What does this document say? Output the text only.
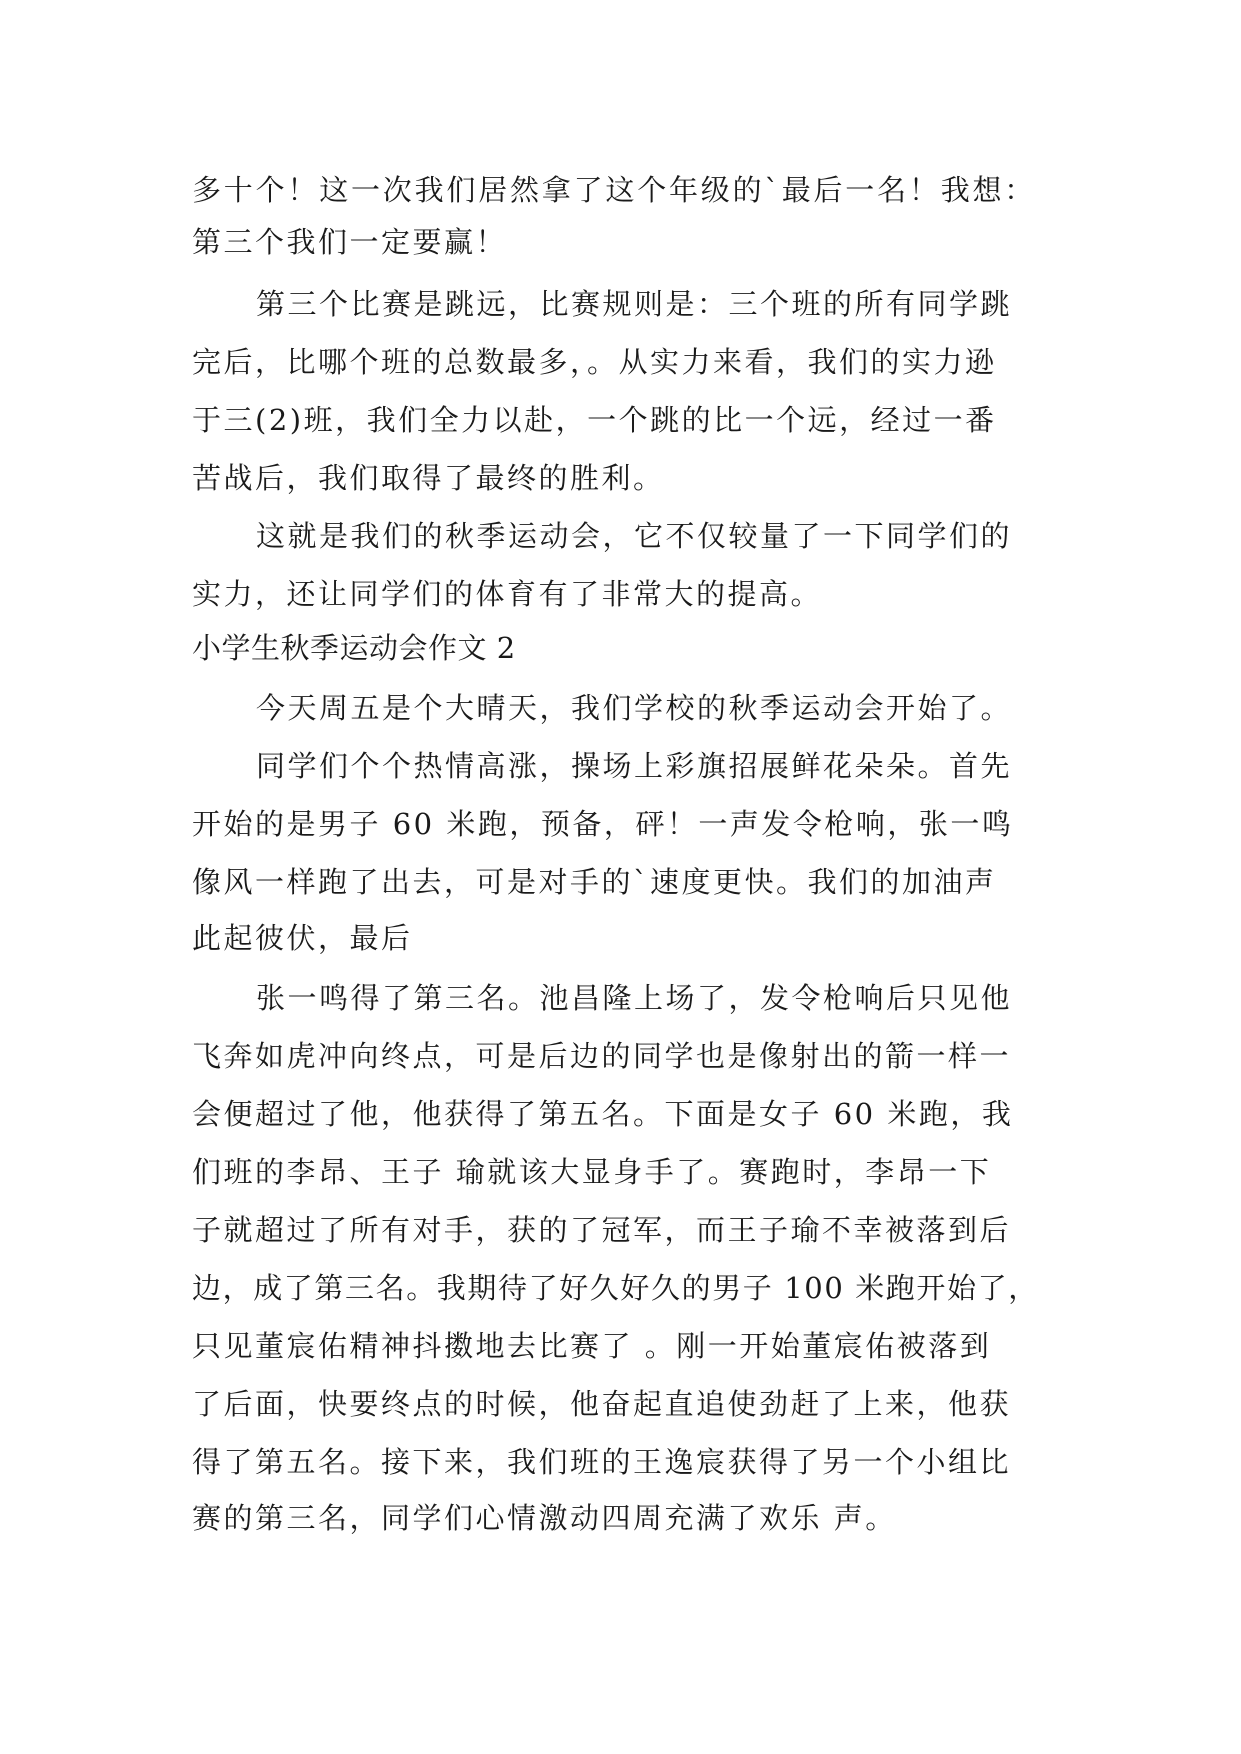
多十个！这一次我们居然拿了这个年级的`最后一名！我想：
第三个我们一定要赢！
第三个比赛是跳远，比赛规则是：三个班的所有同学跳
完后，比哪个班的总数最多，。从实力来看，我们的实力逊
于三(2)班，我们全力以赴，一个跳的比一个远，经过一番
苦战后，我们取得了最终的胜利。
这就是我们的秋季运动会，它不仅较量了一下同学们的
实力，还让同学们的体育有了非常大的提高。
小学生秋季运动会作文 2
今天周五是个大晴天，我们学校的秋季运动会开始了。
同学们个个热情高涨，操场上彩旗招展鲜花朵朵。首先
开始的是男子 60 米跑，预备，砰！一声发令枪响，张一鸣
像风一样跑了出去，可是对手的`速度更快。我们的加油声
此起彼伏，最后
张一鸣得了第三名。池昌隆上场了，发令枪响后只见他
飞奔如虎冲向终点，可是后边的同学也是像射出的箭一样一
会便超过了他，他获得了第五名。下面是女子 60 米跑，我
们班的李昂、王子 瑜就该大显身手了。赛跑时，李昂一下
子就超过了所有对手，获的了冠军，而王子瑜不幸被落到后
边，成了第三名。我期待了好久好久的男子 100 米跑开始了，
只见董宸佑精神抖擞地去比赛了 。刚一开始董宸佑被落到
了后面，快要终点的时候，他奋起直追使劲赶了上来，他获
得了第五名。接下来，我们班的王逸宸获得了另一个小组比
赛的第三名，同学们心情激动四周充满了欢乐 声。
